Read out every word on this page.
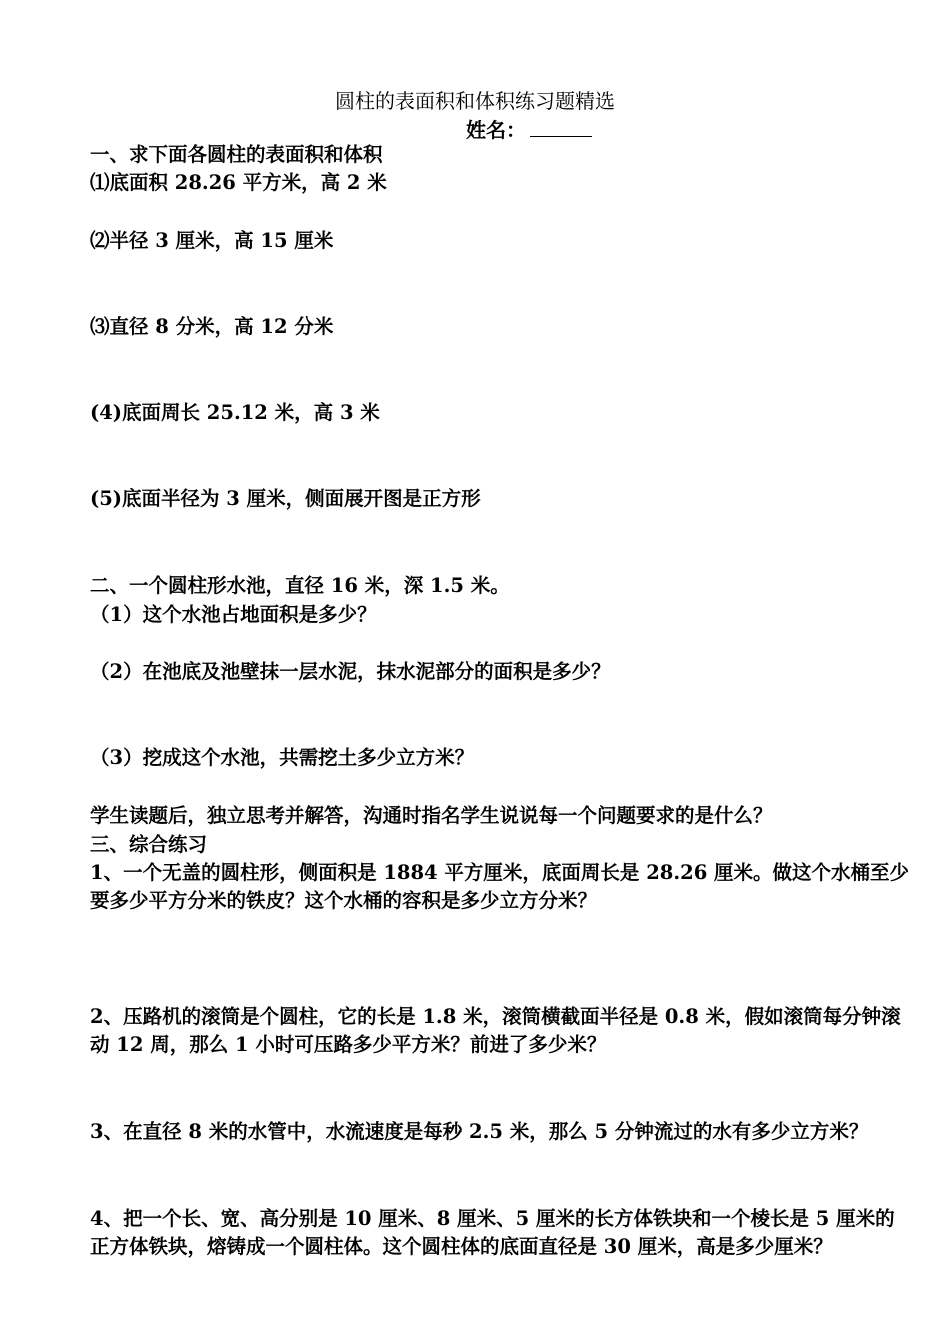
圆柱的表面积和体积练习题精选
姓名：
一、求下面各圆柱的表面积和体积
⑴底面积 28.26 平方米，高 2 米
⑵半径 3 厘米，高 15 厘米
⑶直径 8 分米，高 12 分米
(4)底面周长 25.12 米，高 3 米
(5)底面半径为 3 厘米，侧面展开图是正方形
二、一个圆柱形水池，直径 16 米，深 1.5 米。
（1）这个水池占地面积是多少？
（2）在池底及池壁抹一层水泥，抹水泥部分的面积是多少？
（3）挖成这个水池，共需挖土多少立方米？
学生读题后，独立思考并解答，沟通时指名学生说说每一个问题要求的是什么？
三、综合练习
1、一个无盖的圆柱形，侧面积是 1884 平方厘米，底面周长是 28.26 厘米。做这个水桶至少要多少平方分米的铁皮？这个水桶的容积是多少立方分米？
2、压路机的滚筒是个圆柱，它的长是 1.8 米，滚筒横截面半径是 0.8 米，假如滚筒每分钟滚动 12 周，那么 1 小时可压路多少平方米？前进了多少米？
3、在直径 8 米的水管中，水流速度是每秒 2.5 米，那么 5 分钟流过的水有多少立方米？
4、把一个长、宽、高分别是 10 厘米、8 厘米、5 厘米的长方体铁块和一个棱长是 5 厘米的正方体铁块，熔铸成一个圆柱体。这个圆柱体的底面直径是 30 厘米，高是多少厘米？
